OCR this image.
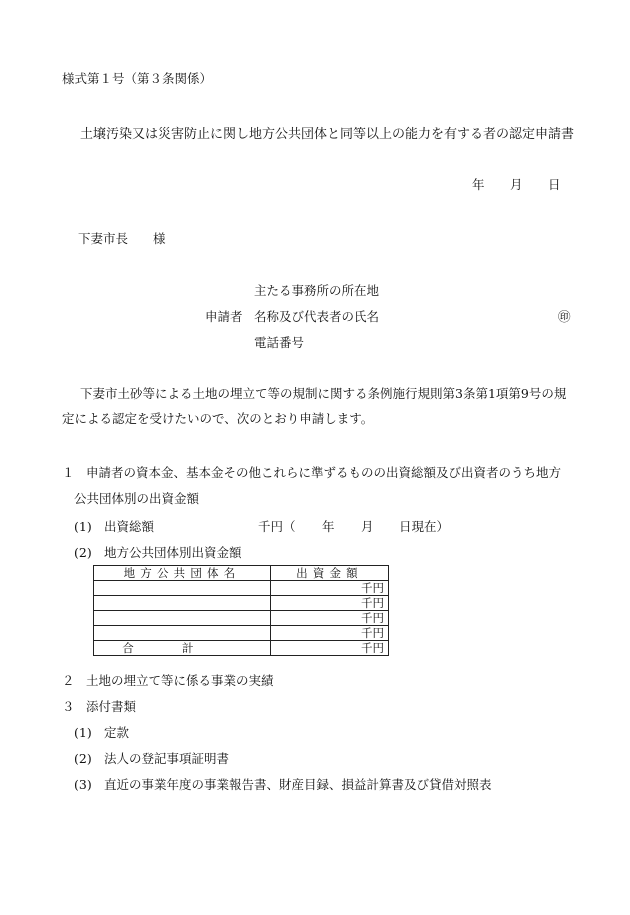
様式第１号（第３条関係）
土壌汚染又は災害防止に関し地方公共団体と同等以上の能力を有する者の認定申請書
年 月 日
下妻市長　　様
主たる事務所の所在地
申請者 名称及び代表者の氏名	㊞
電話番号
下妻市土砂等による土地の埋立て等の規制に関する条例施行規則第3条第1項第9号の規
定による認定を受けたいので、次のとおり申請します。
１ 申請者の資本金、基本金その他これらに準ずるものの出資総額及び出資者のうち地方
公共団体別の出資金額
(1) 出資総額	千円（ 年 月 日現在）
(2) 地方公共団体別出資金額
地方公共団体名	出資金額
	千円
	千円
	千円
	千円
合計	千円
２ 土地の埋立て等に係る事業の実績
３ 添付書類
(1) 定款
(2) 法人の登記事項証明書
(3) 直近の事業年度の事業報告書、財産目録、損益計算書及び貸借対照表
